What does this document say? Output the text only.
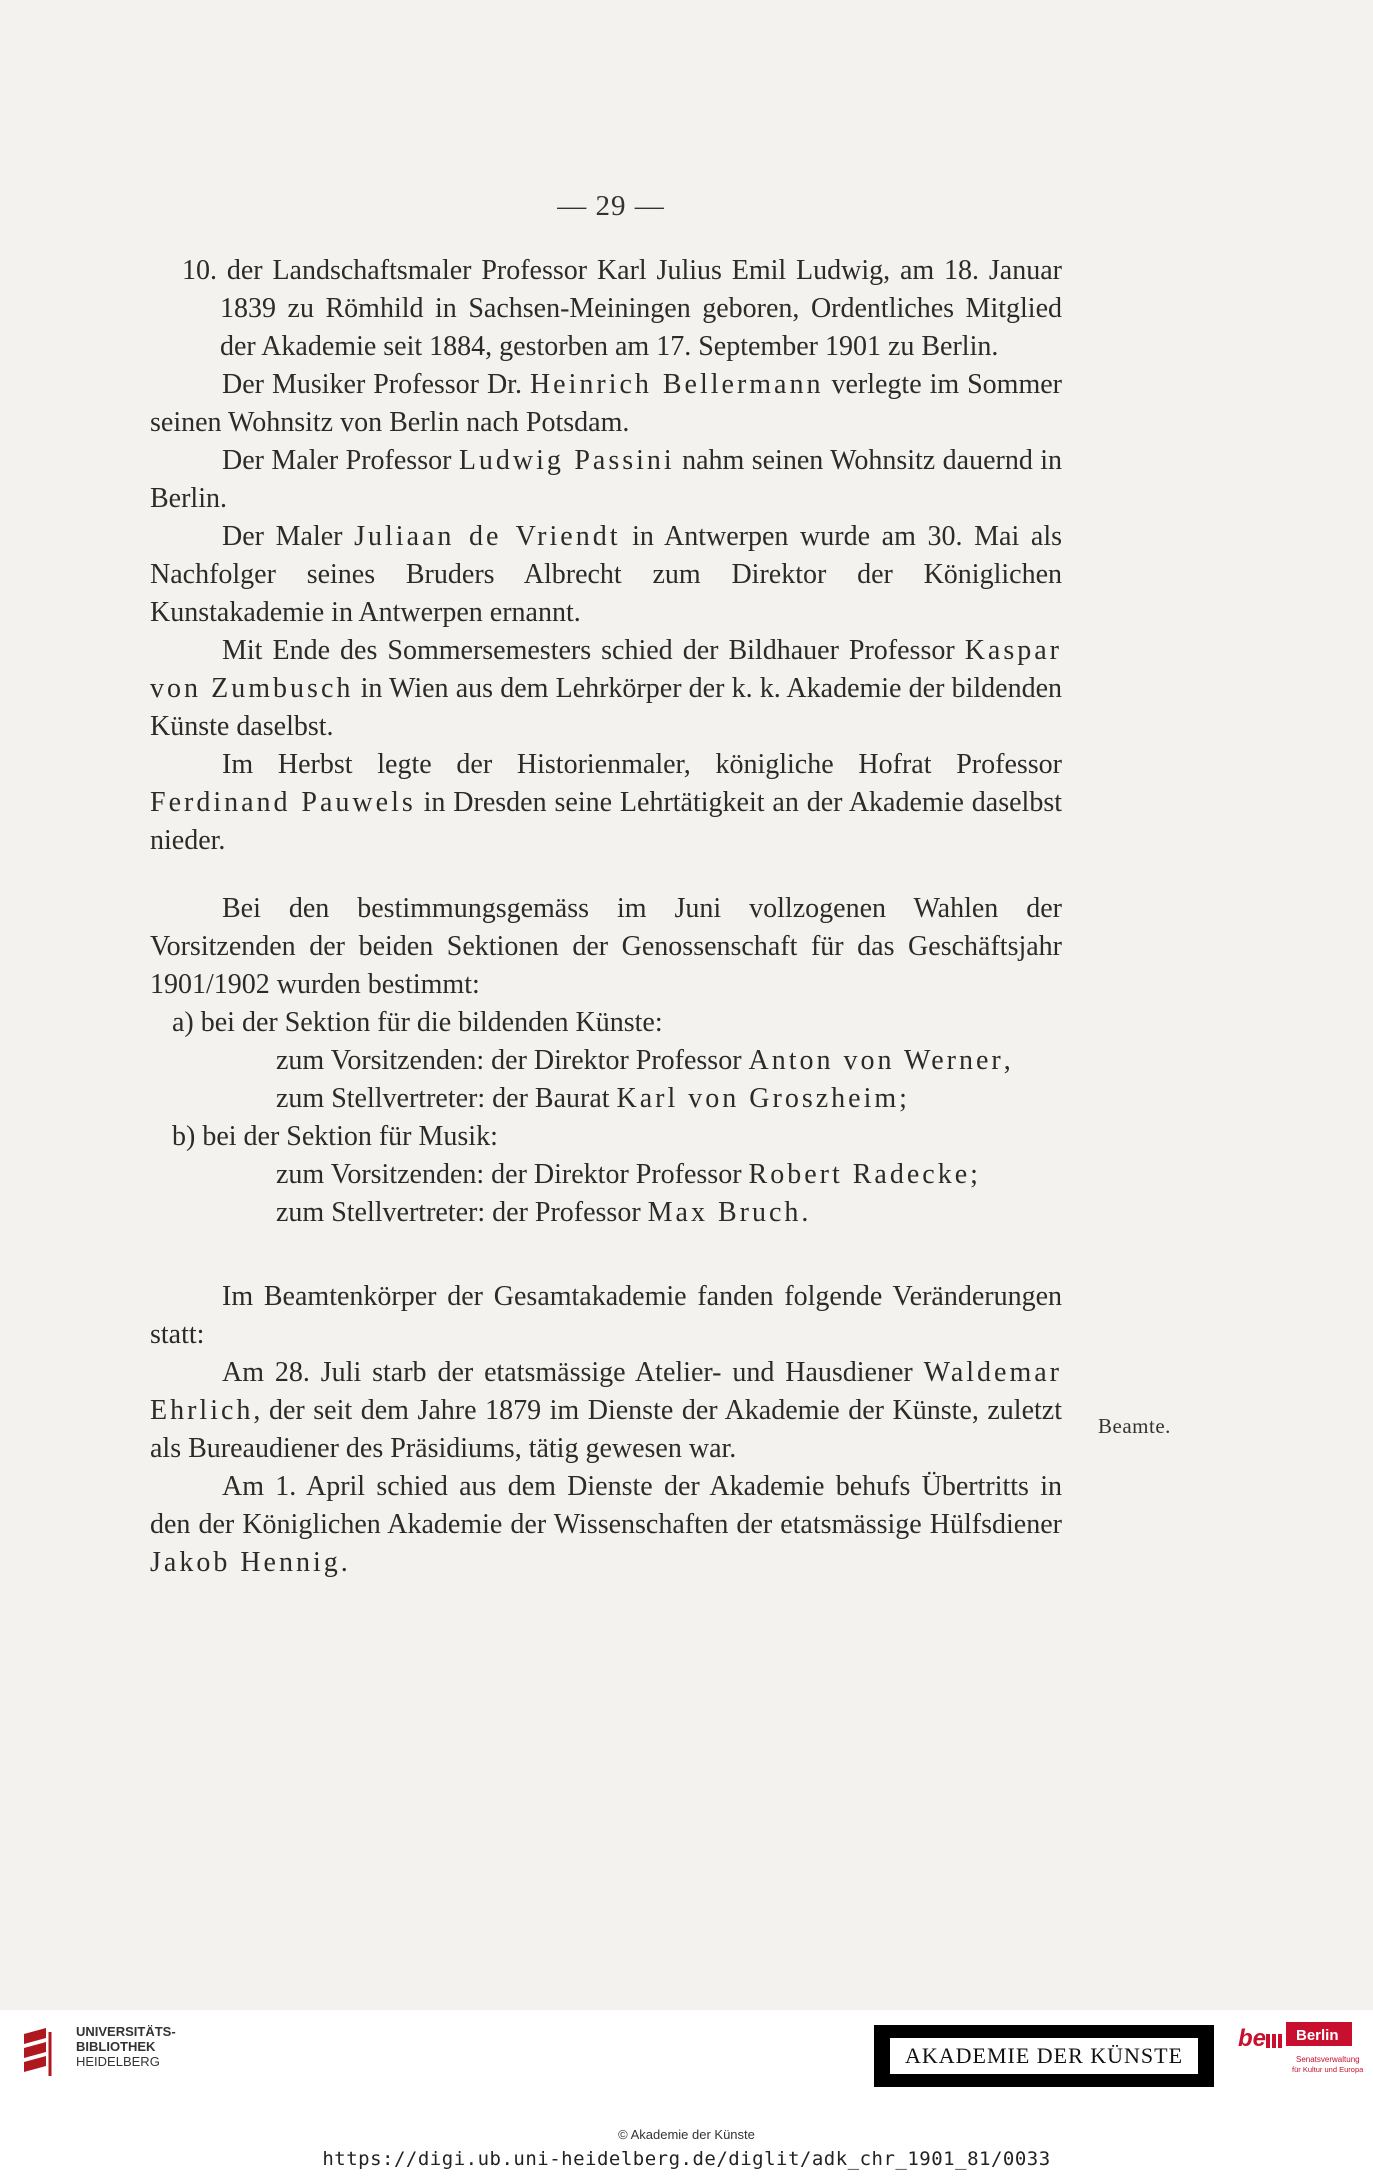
— 29 —

10. der Landschaftsmaler Professor Karl Julius Emil Ludwig, am 18. Januar 1839 zu Römhild in Sachsen-Meiningen geboren, Ordentliches Mitglied der Akademie seit 1884, gestorben am 17. September 1901 zu Berlin.

Der Musiker Professor Dr. Heinrich Bellermann verlegte im Sommer seinen Wohnsitz von Berlin nach Potsdam.

Der Maler Professor Ludwig Passini nahm seinen Wohnsitz dauernd in Berlin.

Der Maler Juliaan de Vriendt in Antwerpen wurde am 30. Mai als Nachfolger seines Bruders Albrecht zum Direktor der Königlichen Kunstakademie in Antwerpen ernannt.

Mit Ende des Sommersemesters schied der Bildhauer Professor Kaspar von Zumbusch in Wien aus dem Lehrkörper der k. k. Akademie der bildenden Künste daselbst.

Im Herbst legte der Historienmaler, königliche Hofrat Professor Ferdinand Pauwels in Dresden seine Lehrtätigkeit an der Akademie daselbst nieder.

Bei den bestimmungsgemäss im Juni vollzogenen Wahlen der Vorsitzenden der beiden Sektionen der Genossenschaft für das Geschäftsjahr 1901/1902 wurden bestimmt:

a) bei der Sektion für die bildenden Künste:

zum Vorsitzenden: der Direktor Professor Anton von Werner,

zum Stellvertreter: der Baurat Karl von Groszheim;

b) bei der Sektion für Musik:

zum Vorsitzenden: der Direktor Professor Robert Radecke;

zum Stellvertreter: der Professor Max Bruch.

Im Beamtenkörper der Gesamtakademie fanden folgende Veränderungen statt:

Am 28. Juli starb der etatsmässige Atelier- und Hausdiener Waldemar Ehrlich, der seit dem Jahre 1879 im Dienste der Akademie der Künste, zuletzt als Bureaudiener des Präsidiums, tätig gewesen war.

Am 1. April schied aus dem Dienste der Akademie behufs Übertritts in den der Königlichen Akademie der Wissenschaften der etatsmässige Hülfsdiener Jakob Hennig.

Beamte.
UNIVERSITÄTS-
BIBLIOTHEK
HEIDELBERG	AKADEMIE DER KÜNSTE
be Berlin
Senatsverwaltung
für Kultur und Europa
© Akademie der Künste
https://digi.ub.uni-heidelberg.de/diglit/adk_chr_1901_81/0033
